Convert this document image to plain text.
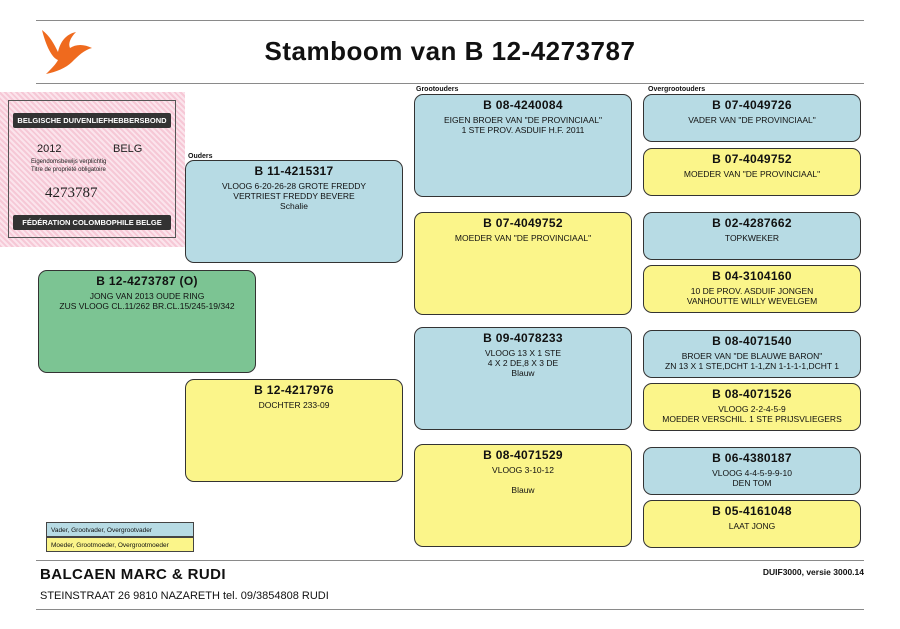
Stamboom van B 12-4273787
BELGISCHE DUIVENLIEFHEBBERSBOND
2012	BELG
Eigendomsbewijs verplichtig
Titre de propriété obligatoire
4273787
FÉDÉRATION COLOMBOPHILE BELGE
Ouders
Grootouders	Overgrootouders
B 12-4273787 (O)
JONG VAN 2013 OUDE RING
ZUS VLOOG CL.11/262 BR.CL.15/245-19/342
B 11-4215317
VLOOG 6-20-26-28 GROTE FREDDY
VERTRIEST FREDDY BEVERE
Schalie
B 12-4217976
DOCHTER 233-09
B 08-4240084
EIGEN BROER VAN "DE PROVINCIAAL"
1 STE PROV. ASDUIF H.F. 2011
B 07-4049752
MOEDER VAN "DE PROVINCIAAL"
B 09-4078233
VLOOG 13 X 1 STE
4 X 2 DE,8 X 3 DE
Blauw
B 08-4071529
VLOOG 3-10-12

Blauw
B 07-4049726
VADER VAN "DE PROVINCIAAL"
B 07-4049752
MOEDER VAN "DE PROVINCIAAL"
B 02-4287662
TOPKWEKER
B 04-3104160
10 DE PROV. ASDUIF JONGEN
VANHOUTTE WILLY WEVELGEM
B 08-4071540
BROER VAN "DE BLAUWE BARON"
ZN 13 X 1 STE,DCHT 1-1,ZN 1-1-1-1,DCHT 1
B 08-4071526
VLOOG 2-2-4-5-9
MOEDER VERSCHIL. 1 STE PRIJSVLIEGERS
B 06-4380187
VLOOG 4-4-5-9-9-10
DEN TOM
B 05-4161048
LAAT JONG
Vader, Grootvader, Overgrootvader
Moeder, Grootmoeder, Overgrootmoeder
BALCAEN MARC & RUDI	DUIF3000, versie 3000.14
STEINSTRAAT 26 9810 NAZARETH tel. 09/3854808 RUDI
